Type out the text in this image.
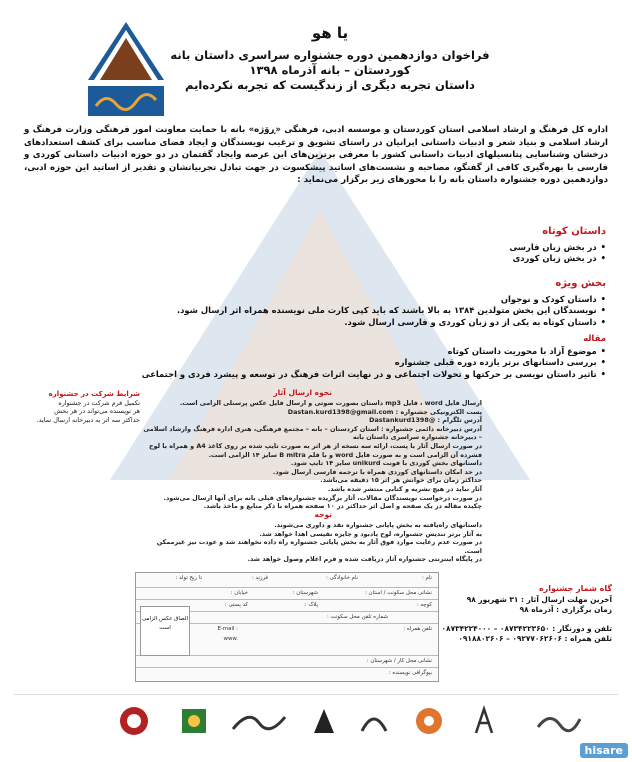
یا هو
فراخوان دوازدهمین دوره جشنواره سراسری داستان بانه
کوردستان – بانه آذرماه ۱۳۹۸
داستان تجربه دیگری از زندگیست که تجربه نکرده‌ایم
اداره کل فرهنگ و ارشاد اسلامی استان کوردستان و موسسه ادبی، فرهنگی «ڕۆژە» بانه با حمایت معاونت امور فرهنگی وزارت فرهنگ و ارشاد اسلامی و بنیاد شعر و ادبیات داستانی ایرانیان در راستای تشویق و ترغیب نویسندگان و ایجاد فضای مناسب برای کشف استعدادهای درخشان وشناسایی پتانسیلهای ادبیات داستانی کشور با معرفی برترین‌های این عرصه وایجاد گفتمان در دو حوزه ادبیات داستانی کوردی و فارسی با بهره‌گیری کافی از گفتگو، مصاحبه و نشست‌های اساتید پیشکسوت در جهت تبادل تجربیاتشان و تقدیر از اساتید این حوزه ادبی، دوازدهمین دوره جشنواره داستان بانه را با محورهای زیر برگزار می‌نماید :
داستان کوتاه
• در بخش زبان فارسی
• در بخش زبان کوردی
بخش ویژه
• داستان کودک و نوجوان
• نویسندگان این بخش متولدین ۱۳۸۴ به بالا باشند که باید کپی کارت ملی نویسنده همراه اثر ارسال شود.
• داستان کوتاه به یکی از دو زبان کوردی و فارسی ارسال شود.
مقاله
• موضوع آزاد با محوریت داستان کوتاه
• بررسی داستانهای برتر یازده دوره قبلی جشنواره
• تاثیر داستان نویسی بر حرکتها و تحولات اجتماعی و در نهایت اثرات فرهنگ در توسعه و پیشرد فردی و اجتماعی
شرایط شرکت در جشنواره
تکمیل فرم شرکت در جشنواره
هر نویسنده می‌تواند در هر بخش
حداکثر سه اثر به دبیرخانه ارسال نماید.
نحوه ارسال آثار
ارسال فایل word ، فایل mp3 داستان بصورت صوتی و ارسال فایل عکس پرسنلی الزامی است.
پست الکترونیکی جشنواره : Dastan.kurd1398@gmail.com
آدرس تلگرام : @Dastankurd1398
آدرس دبیرخانه دائمی جشنواره : استان کردستان – بانه – مجتمع فرهنگی، هنری اداره فرهنگ وارشاد اسلامی – دبیرخانه جشنواره سراسری داستان بانه
در صورت ارسال آثار با پست، ارائه سه نسخه از هر اثر به صورت تایپ شده بر روی کاغذ A4 و همراه با لوح فشرده آن الزامی است و به صورت فایل word و با قلم B mitra سایز ۱۴ الزامی است.
داستانهای بخش کوردی با فونت unikurd سایز ۱۴ تایپ شود.
در حد امکان داستانهای کوردی همراه با ترجمه فارسی ارسال شود.
حداکثر زمان برای خوانش هر اثر ۱۵ دقیقه می‌باشد.
آثار نباید در هیچ نشریه و کتابی منتشر شده باشد.
در صورت درخواست نویسندگان مقالات، آثار برگزیده جشنواره‌های قبلی بانه برای آنها ارسال می‌شود.
چکیده مقاله در یک صفحه و اصل اثر حداکثر در ۱۰ صفحه همراه با ذکر منابع و ماخذ باشد.
توجه
داستانهای راه‌یافته به بخش پایانی جشنواره نقد و داوری می‌شوند.
به آثار برتر تندیس جشنواره، لوح یادبود و جایزه نفیسی اهدا خواهد شد.
در صورت عدم رعایت موارد فوق آثار به بخش پایانی جشنواره راه داده نخواهند شد و عودت نیز غیرممکن است.
در پایگاه اینترنتی جشنواره آثار دریافت شده و فرم اعلام وصول خواهد شد.
نام :
نام خانوادگی :
فرزند :
تا ریخ تولد :
نشانی محل سکونت / استان :
شهرستان :
خیابان :
کوچه :
پلاک :
کد پستی :
شماره تلفن محل سکونت :
تلفن همراه :
E-mail :
www.
نشانی محل کار / شهرستان :
بیوگرافی نویسنده :
الصاق عکس الزامی است
گاه شمار جشنواره
آخرین مهلت ارسال آثار : ۳۱ شهریور ۹۸
زمان برگزاری : آذرماه ۹۸
تلفن و دورنگار : ۰۸۷۳۴۲۲۳۶۵۰ – ۰۸۷۳۴۲۲۴۰۰۰
تلفن همراه : ۰۹۲۷۷۰۶۲۶۰۶ – ۰۹۱۸۸۰۲۶۰۶
hisare
